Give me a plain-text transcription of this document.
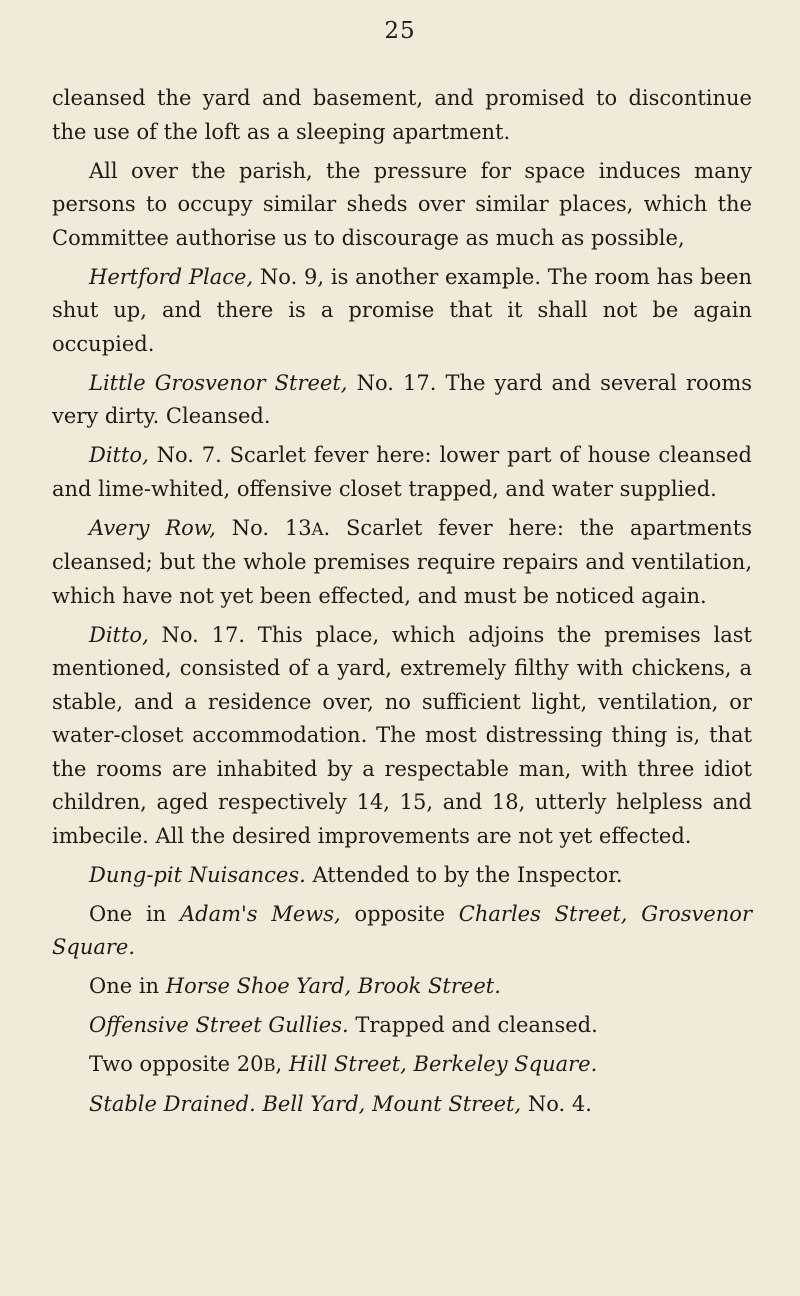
25

cleansed the yard and basement, and promised to discontinue the use of the loft as a sleeping apartment.

All over the parish, the pressure for space induces many persons to occupy similar sheds over similar places, which the Committee authorise us to discourage as much as possible,

Hertford Place, No. 9, is another example. The room has been shut up, and there is a promise that it shall not be again occupied.

Little Grosvenor Street, No. 17. The yard and several rooms very dirty. Cleansed.

Ditto, No. 7. Scarlet fever here: lower part of house cleansed and lime-whited, offensive closet trapped, and water supplied.

Avery Row, No. 13A. Scarlet fever here: the apartments cleansed; but the whole premises require repairs and ventilation, which have not yet been effected, and must be noticed again.

Ditto, No. 17. This place, which adjoins the premises last mentioned, consisted of a yard, extremely filthy with chickens, a stable, and a residence over, no sufficient light, ventilation, or water-closet accommodation. The most distressing thing is, that the rooms are inhabited by a respectable man, with three idiot children, aged respectively 14, 15, and 18, utterly helpless and imbecile. All the desired improvements are not yet effected.

Dung-pit Nuisances. Attended to by the Inspector.

One in Adam's Mews, opposite Charles Street, Grosvenor Square.

One in Horse Shoe Yard, Brook Street.

Offensive Street Gullies. Trapped and cleansed.

Two opposite 20B, Hill Street, Berkeley Square.

Stable Drained. Bell Yard, Mount Street, No. 4.
